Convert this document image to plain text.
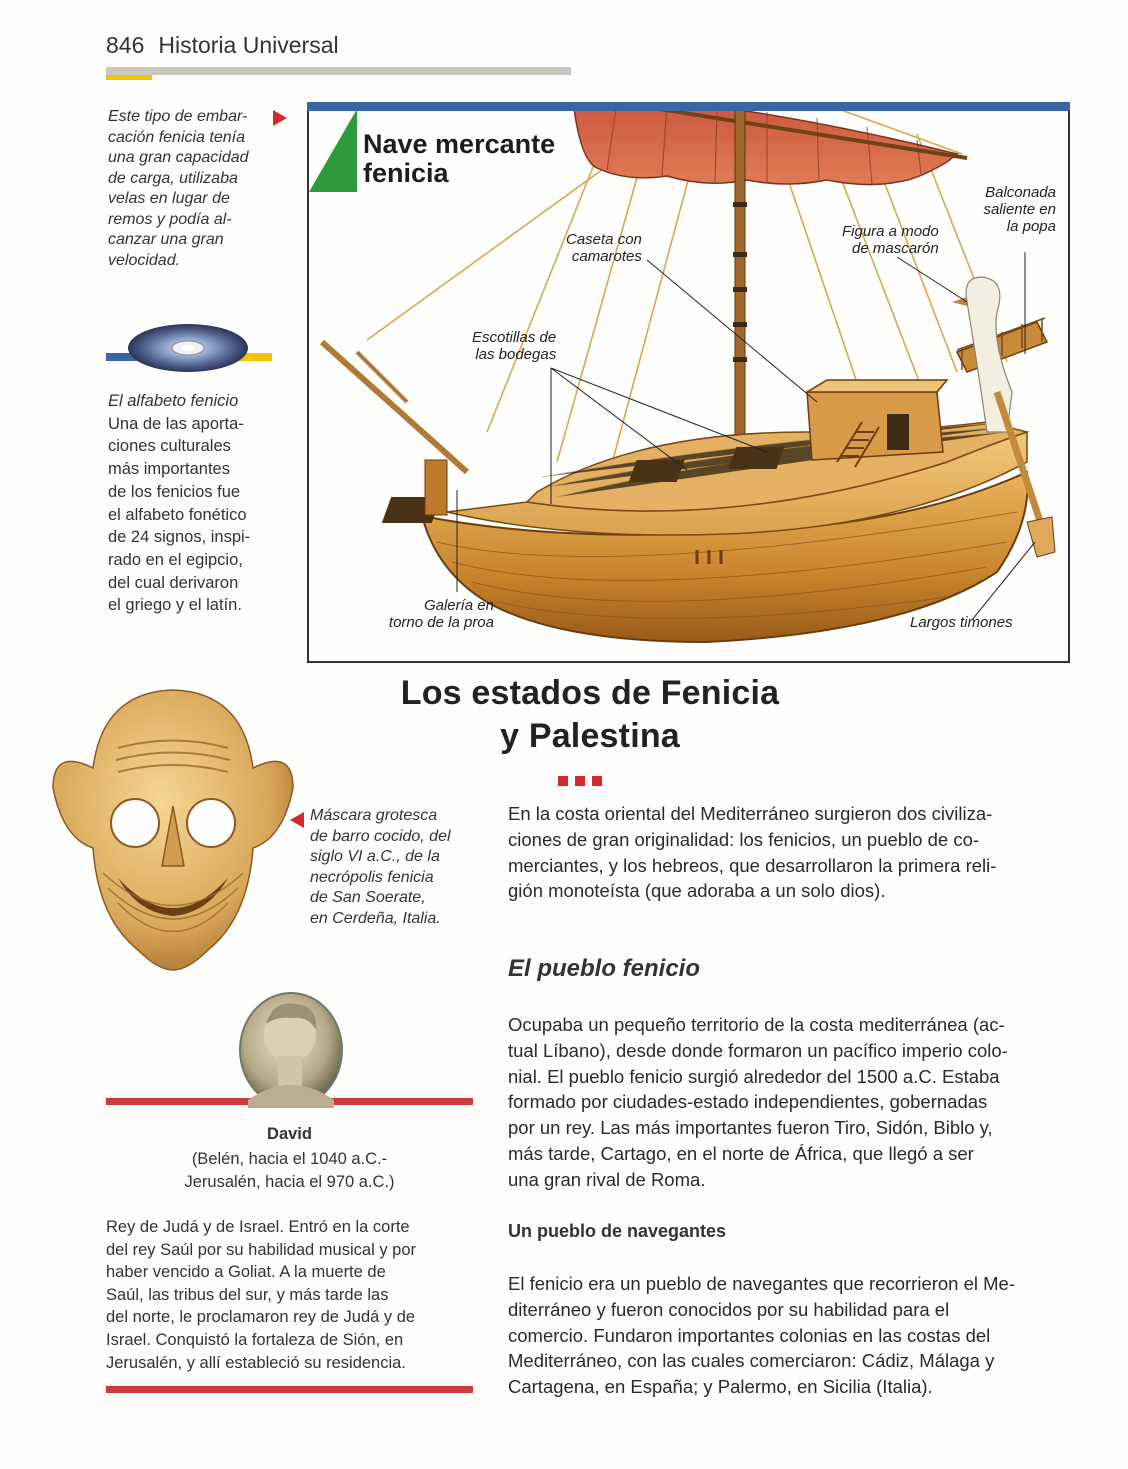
846 Historia Universal
Este tipo de embar-
cación fenicia tenía
una gran capacidad
de carga, utilizaba
velas en lugar de
remos y podía al-
canzar una gran
velocidad.
El alfabeto fenicio
Una de las aporta-
ciones culturales
más importantes
de los fenicios fue
el alfabeto fonético
de 24 signos, inspi-
rado en el egipcio,
del cual derivaron
el griego y el latín.
Nave mercante
fenicia
Caseta con
camarotes
Escotillas de
las bodegas
Figura a modo
de mascarón
Balconada
saliente en
la popa
Galería en
torno de la proa	Largos timones
Máscara grotesca
de barro cocido, del
siglo VI a.C., de la
necrópolis fenicia
de San Soerate,
en Cerdeña, Italia.
Los estados de Fenicia
y Palestina
En la costa oriental del Mediterráneo surgieron dos civiliza-
ciones de gran originalidad: los fenicios, un pueblo de co-
merciantes, y los hebreos, que desarrollaron la primera reli-
gión monoteísta (que adoraba a un solo dios).
El pueblo fenicio
Ocupaba un pequeño territorio de la costa mediterránea (ac-
tual Líbano), desde donde formaron un pacífico imperio colo-
nial. El pueblo fenicio surgió alrededor del 1500 a.C. Estaba
formado por ciudades-estado independientes, gobernadas
por un rey. Las más importantes fueron Tiro, Sidón, Biblo y,
más tarde, Cartago, en el norte de África, que llegó a ser
una gran rival de Roma.
Un pueblo de navegantes
El fenicio era un pueblo de navegantes que recorrieron el Me-
diterráneo y fueron conocidos por su habilidad para el
comercio. Fundaron importantes colonias en las costas del
Mediterráneo, con las cuales comerciaron: Cádiz, Málaga y
Cartagena, en España; y Palermo, en Sicilia (Italia).
David
(Belén, hacia el 1040 a.C.-
Jerusalén, hacia el 970 a.C.)
Rey de Judá y de Israel. Entró en la corte
del rey Saúl por su habilidad musical y por
haber vencido a Goliat. A la muerte de
Saúl, las tribus del sur, y más tarde las
del norte, le proclamaron rey de Judá y de
Israel. Conquistó la fortaleza de Sión, en
Jerusalén, y allí estableció su residencia.
